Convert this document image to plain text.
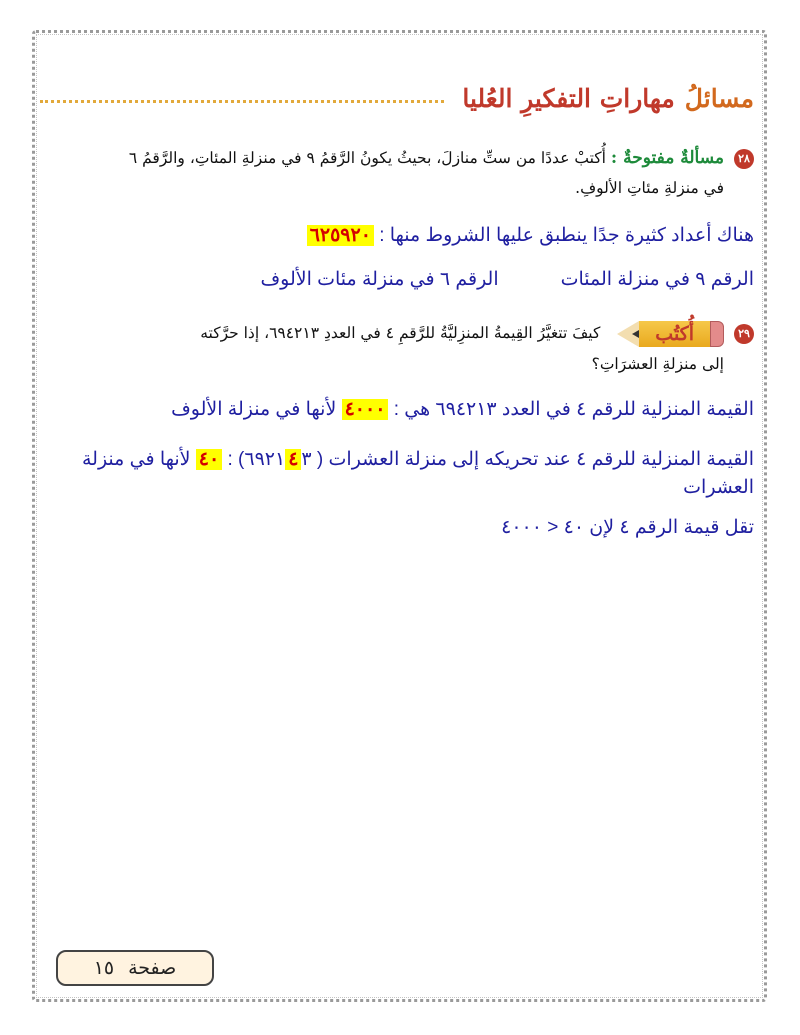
مسائلُ
مهاراتِ التفكيرِ العُليا
٢٨مسألةٌ مفتوحةٌ : أُكتبْ عددًا من ستِّ منازلَ، بحيثُ يكونُ الرَّقمُ ٩ في منزلةِ المئاتِ، والرَّقمُ ٦
في منزلةِ مئاتِ الألوفِ.
هناك أعداد كثيرة جدًا ينطبق عليها الشروط منها : ٦٢٥٩٢٠
الرقم ٩ في منزلة المئات
الرقم ٦ في منزلة مئات الألوف
٢٩
أُكتُب
كيفَ تتغيَّرُ القِيمةُ المنزِليَّةُ للرَّقمِ ٤ في العددِ ٦٩٤٢١٣، إذا حرَّكته
إلى منزلةِ العشرَاتِ؟
القيمة المنزلية للرقم ٤ في العدد ٦٩٤٢١٣ هي : ٤٠٠٠ لأنها في منزلة الألوف
القيمة المنزلية للرقم ٤ عند تحريكه إلى منزلة العشرات ( ٦٩٢١٤٣) : ٤٠ لأنها في منزلة العشرات
تقل قيمة الرقم ٤ لإن ٤٠ < ٤٠٠٠
صفحة
١٥
